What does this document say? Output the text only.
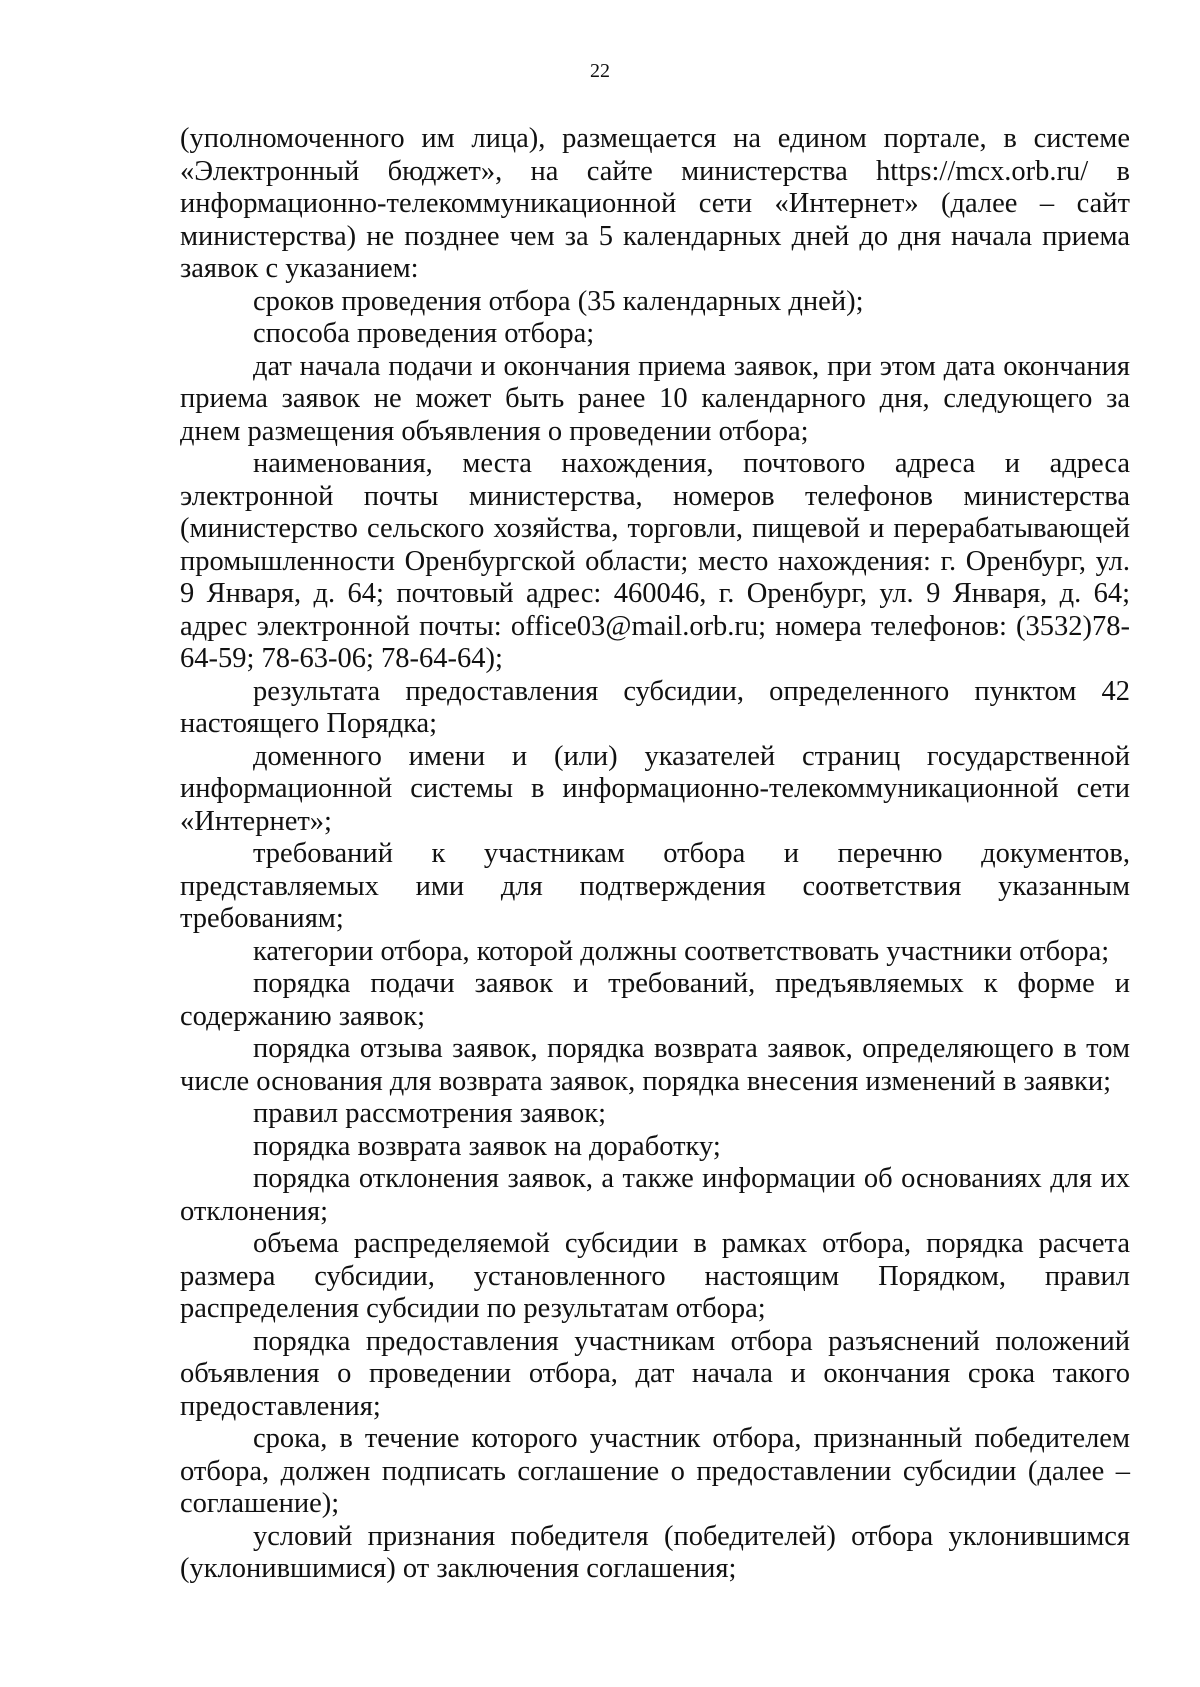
22

(уполномоченного им лица), размещается на едином портале, в системе «Электронный бюджет», на сайте министерства https://mcx.orb.ru/ в информационно-телекоммуникационной сети «Интернет» (далее – сайт министерства) не позднее чем за 5 календарных дней до дня начала приема заявок с указанием:

сроков проведения отбора (35 календарных дней);

способа проведения отбора;

дат начала подачи и окончания приема заявок, при этом дата окончания приема заявок не может быть ранее 10 календарного дня, следующего за днем размещения объявления о проведении отбора;

наименования, места нахождения, почтового адреса и адреса электронной почты министерства, номеров телефонов министерства (министерство сельского хозяйства, торговли, пищевой и перерабатывающей промышленности Оренбургской области; место нахождения: г. Оренбург, ул. 9 Января, д. 64; почтовый адрес: 460046, г. Оренбург, ул. 9 Января, д. 64; адрес электронной почты: office03@mail.orb.ru; номера телефонов: (3532)78-64-59; 78-63-06; 78-64-64);

результата предоставления субсидии, определенного пунктом 42 настоящего Порядка;

доменного имени и (или) указателей страниц государственной информационной системы в информационно-телекоммуникационной сети «Интернет»;

требований к участникам отбора и перечню документов, представляемых ими для подтверждения соответствия указанным требованиям;

категории отбора, которой должны соответствовать участники отбора;

порядка подачи заявок и требований, предъявляемых к форме и содержанию заявок;

порядка отзыва заявок, порядка возврата заявок, определяющего в том числе основания для возврата заявок, порядка внесения изменений в заявки;

правил рассмотрения заявок;

порядка возврата заявок на доработку;

порядка отклонения заявок, а также информации об основаниях для их отклонения;

объема распределяемой субсидии в рамках отбора, порядка расчета размера субсидии, установленного настоящим Порядком, правил распределения субсидии по результатам отбора;

порядка предоставления участникам отбора разъяснений положений объявления о проведении отбора, дат начала и окончания срока такого предоставления;

срока, в течение которого участник отбора, признанный победителем отбора, должен подписать соглашение о предоставлении субсидии (далее – соглашение);

условий признания победителя (победителей) отбора уклонившимся (уклонившимися) от заключения соглашения;
